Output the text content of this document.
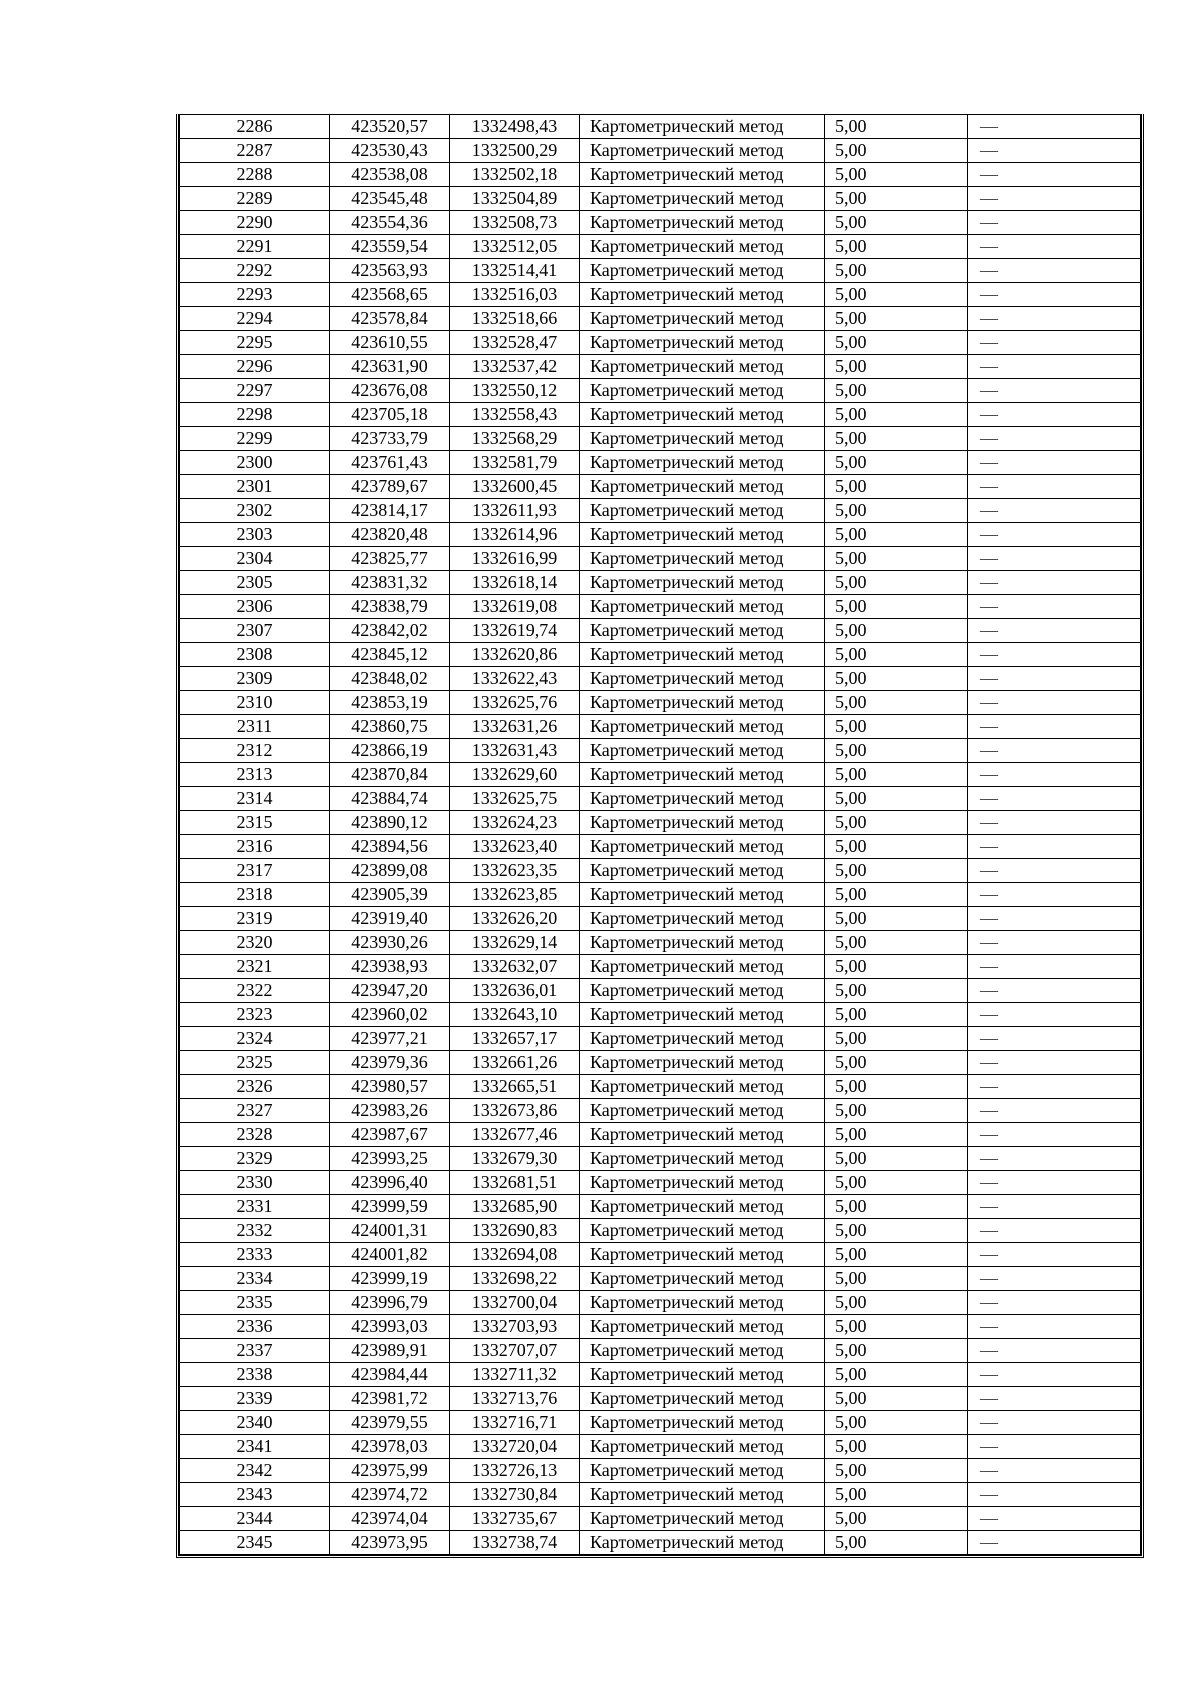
2286	423520,57	1332498,43	Картометрический метод	5,00	—
2287	423530,43	1332500,29	Картометрический метод	5,00	—
2288	423538,08	1332502,18	Картометрический метод	5,00	—
2289	423545,48	1332504,89	Картометрический метод	5,00	—
2290	423554,36	1332508,73	Картометрический метод	5,00	—
2291	423559,54	1332512,05	Картометрический метод	5,00	—
2292	423563,93	1332514,41	Картометрический метод	5,00	—
2293	423568,65	1332516,03	Картометрический метод	5,00	—
2294	423578,84	1332518,66	Картометрический метод	5,00	—
2295	423610,55	1332528,47	Картометрический метод	5,00	—
2296	423631,90	1332537,42	Картометрический метод	5,00	—
2297	423676,08	1332550,12	Картометрический метод	5,00	—
2298	423705,18	1332558,43	Картометрический метод	5,00	—
2299	423733,79	1332568,29	Картометрический метод	5,00	—
2300	423761,43	1332581,79	Картометрический метод	5,00	—
2301	423789,67	1332600,45	Картометрический метод	5,00	—
2302	423814,17	1332611,93	Картометрический метод	5,00	—
2303	423820,48	1332614,96	Картометрический метод	5,00	—
2304	423825,77	1332616,99	Картометрический метод	5,00	—
2305	423831,32	1332618,14	Картометрический метод	5,00	—
2306	423838,79	1332619,08	Картометрический метод	5,00	—
2307	423842,02	1332619,74	Картометрический метод	5,00	—
2308	423845,12	1332620,86	Картометрический метод	5,00	—
2309	423848,02	1332622,43	Картометрический метод	5,00	—
2310	423853,19	1332625,76	Картометрический метод	5,00	—
2311	423860,75	1332631,26	Картометрический метод	5,00	—
2312	423866,19	1332631,43	Картометрический метод	5,00	—
2313	423870,84	1332629,60	Картометрический метод	5,00	—
2314	423884,74	1332625,75	Картометрический метод	5,00	—
2315	423890,12	1332624,23	Картометрический метод	5,00	—
2316	423894,56	1332623,40	Картометрический метод	5,00	—
2317	423899,08	1332623,35	Картометрический метод	5,00	—
2318	423905,39	1332623,85	Картометрический метод	5,00	—
2319	423919,40	1332626,20	Картометрический метод	5,00	—
2320	423930,26	1332629,14	Картометрический метод	5,00	—
2321	423938,93	1332632,07	Картометрический метод	5,00	—
2322	423947,20	1332636,01	Картометрический метод	5,00	—
2323	423960,02	1332643,10	Картометрический метод	5,00	—
2324	423977,21	1332657,17	Картометрический метод	5,00	—
2325	423979,36	1332661,26	Картометрический метод	5,00	—
2326	423980,57	1332665,51	Картометрический метод	5,00	—
2327	423983,26	1332673,86	Картометрический метод	5,00	—
2328	423987,67	1332677,46	Картометрический метод	5,00	—
2329	423993,25	1332679,30	Картометрический метод	5,00	—
2330	423996,40	1332681,51	Картометрический метод	5,00	—
2331	423999,59	1332685,90	Картометрический метод	5,00	—
2332	424001,31	1332690,83	Картометрический метод	5,00	—
2333	424001,82	1332694,08	Картометрический метод	5,00	—
2334	423999,19	1332698,22	Картометрический метод	5,00	—
2335	423996,79	1332700,04	Картометрический метод	5,00	—
2336	423993,03	1332703,93	Картометрический метод	5,00	—
2337	423989,91	1332707,07	Картометрический метод	5,00	—
2338	423984,44	1332711,32	Картометрический метод	5,00	—
2339	423981,72	1332713,76	Картометрический метод	5,00	—
2340	423979,55	1332716,71	Картометрический метод	5,00	—
2341	423978,03	1332720,04	Картометрический метод	5,00	—
2342	423975,99	1332726,13	Картометрический метод	5,00	—
2343	423974,72	1332730,84	Картометрический метод	5,00	—
2344	423974,04	1332735,67	Картометрический метод	5,00	—
2345	423973,95	1332738,74	Картометрический метод	5,00	—
